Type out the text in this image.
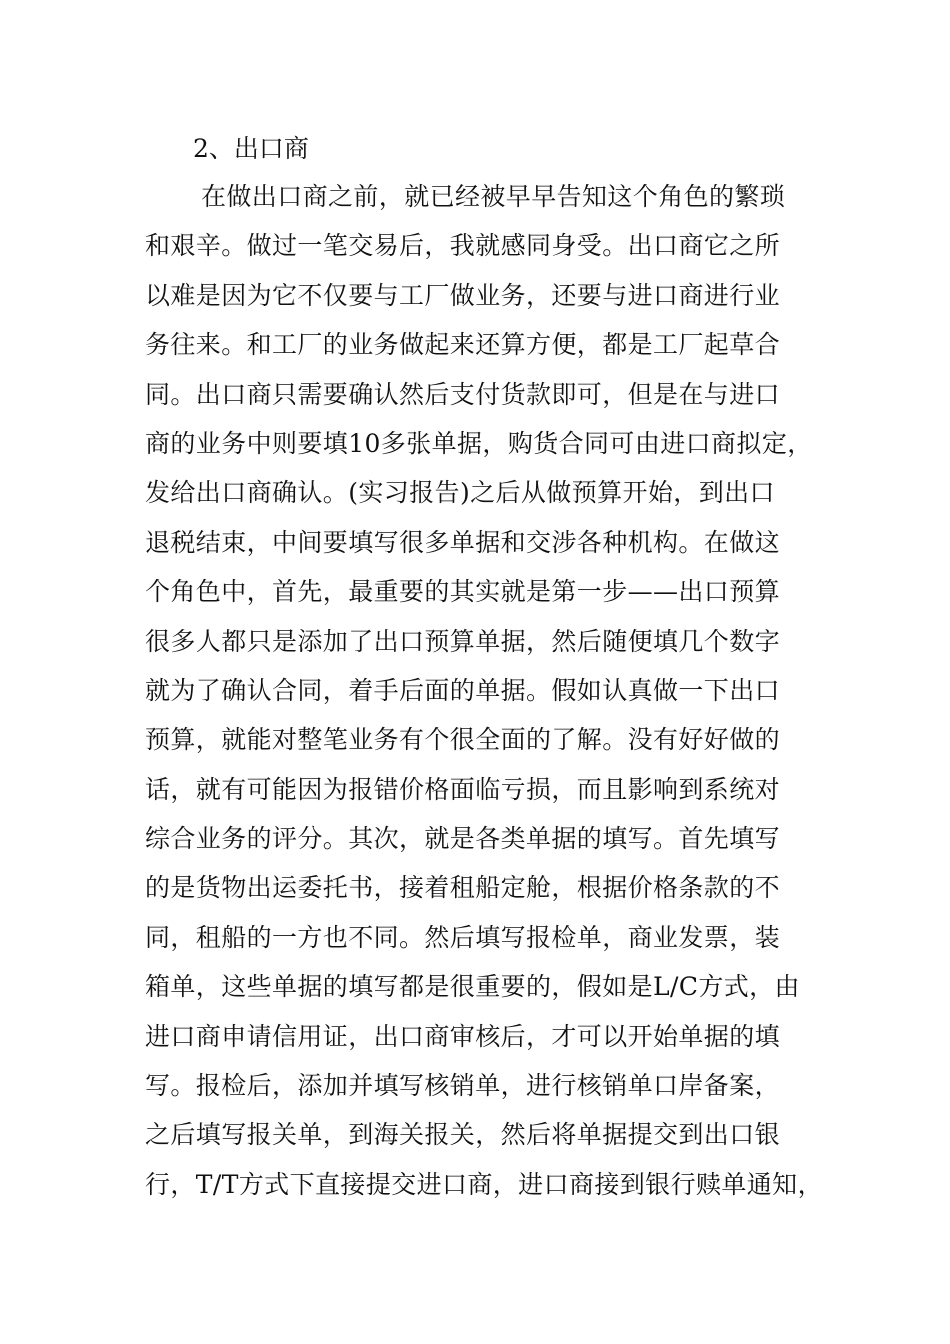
2、出口商
在做出口商之前，就已经被早早告知这个角色的繁琐
和艰辛。做过一笔交易后，我就感同身受。出口商它之所
以难是因为它不仅要与工厂做业务，还要与进口商进行业
务往来。和工厂的业务做起来还算方便，都是工厂起草合
同。出口商只需要确认然后支付货款即可，但是在与进口
商的业务中则要填10多张单据，购货合同可由进口商拟定，
发给出口商确认。(实习报告)之后从做预算开始，到出口
退税结束，中间要填写很多单据和交涉各种机构。在做这
个角色中，首先，最重要的其实就是第一步——出口预算
很多人都只是添加了出口预算单据，然后随便填几个数字
就为了确认合同，着手后面的单据。假如认真做一下出口
预算，就能对整笔业务有个很全面的了解。没有好好做的
话，就有可能因为报错价格面临亏损，而且影响到系统对
综合业务的评分。其次，就是各类单据的填写。首先填写
的是货物出运委托书，接着租船定舱，根据价格条款的不
同，租船的一方也不同。然后填写报检单，商业发票，装
箱单，这些单据的填写都是很重要的，假如是L/C方式，由
进口商申请信用证，出口商审核后，才可以开始单据的填
写。报检后，添加并填写核销单，进行核销单口岸备案，
之后填写报关单，到海关报关，然后将单据提交到出口银
行，T/T方式下直接提交进口商，进口商接到银行赎单通知，
